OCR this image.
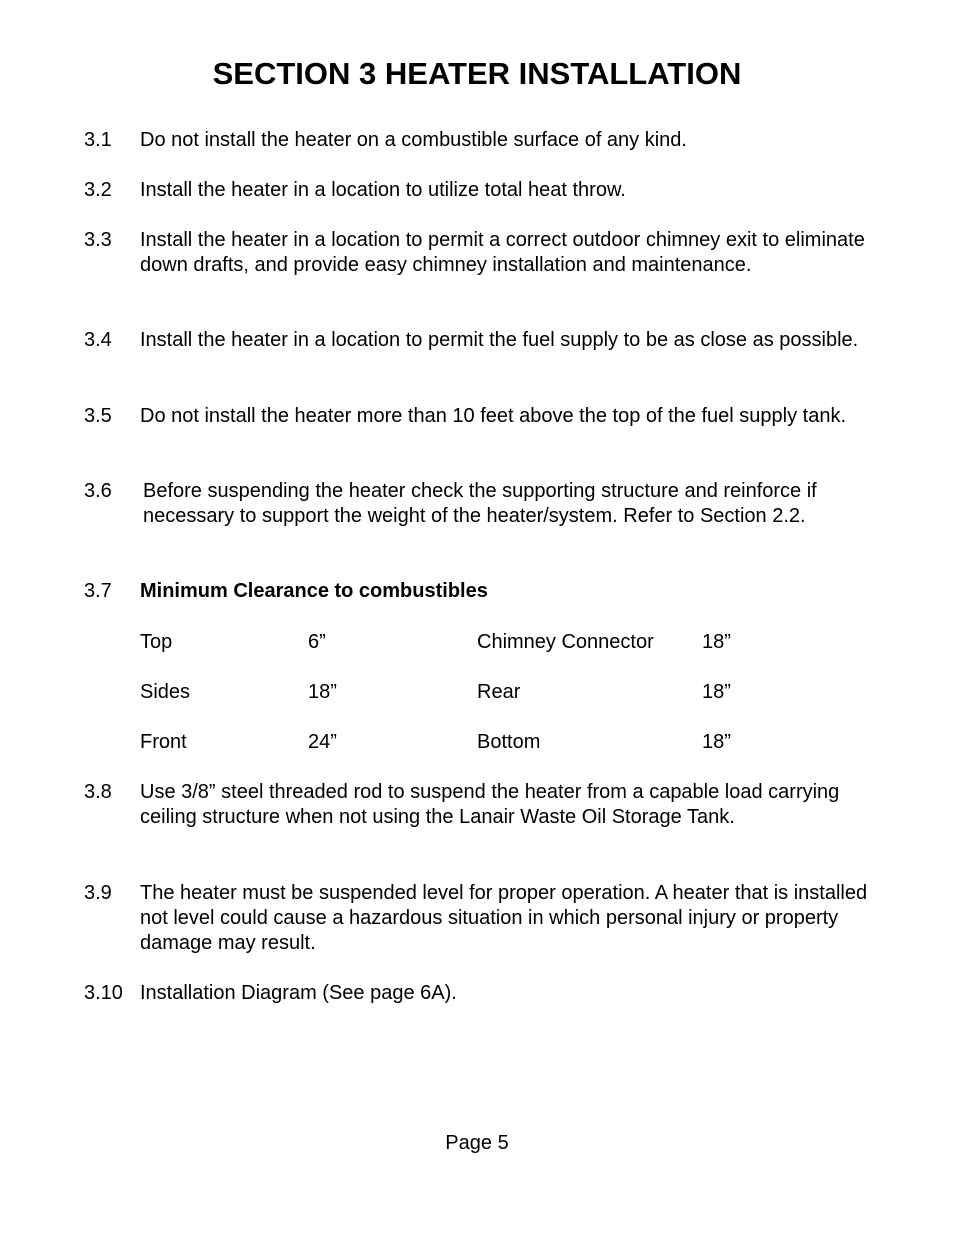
SECTION 3 HEATER INSTALLATION
3.1 Do not install the heater on a combustible surface of any kind.
3.2 Install the heater in a location to utilize total heat throw.
3.3 Install the heater in a location to permit a correct outdoor chimney exit to eliminate down drafts, and provide easy chimney installation and maintenance.
3.4 Install the heater in a location to permit the fuel supply to be as close as possible.
3.5 Do not install the heater more than 10 feet above the top of the fuel supply tank.
3.6 Before suspending the heater check the supporting structure and reinforce if necessary to support the weight of the heater/system. Refer to Section 2.2.
3.7 Minimum Clearance to combustibles
Top	6”	Chimney Connector 18”
Sides	18”	Rear	18”
Front	24”	Bottom	18”
3.8 Use 3/8” steel threaded rod to suspend the heater from a capable load carrying ceiling structure when not using the Lanair Waste Oil Storage Tank.
3.9 The heater must be suspended level for proper operation. A heater that is installed not level could cause a hazardous situation in which personal injury or property damage may result.
3.10 Installation Diagram (See page 6A).
Page 5
